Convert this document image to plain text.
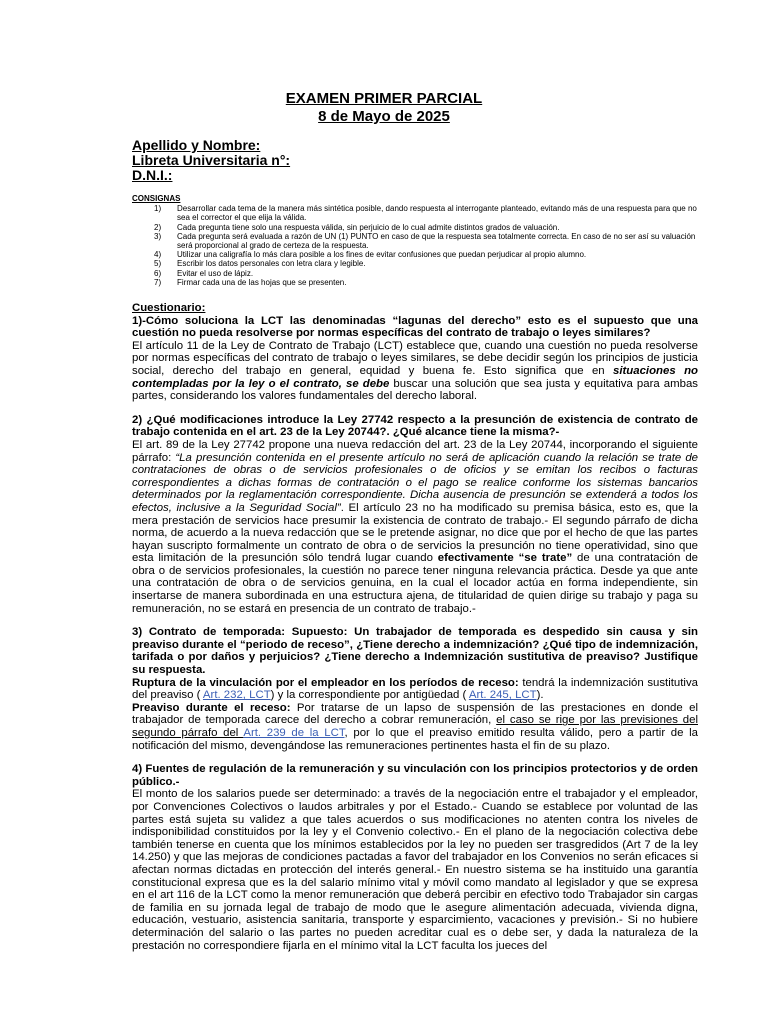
EXAMEN PRIMER PARCIAL
8 de Mayo de 2025
Apellido y Nombre:
Libreta Universitaria n°:
D.N.I.:
CONSIGNAS
1)	Desarrollar cada tema de la manera más sintética posible, dando respuesta al interrogante planteado, evitando más de una respuesta para que no sea el corrector el que elija la válida.
2)	Cada pregunta tiene solo una respuesta válida, sin perjuicio de lo cual admite distintos grados de valuación.
3)	Cada pregunta será evaluada a razón de UN (1) PUNTO en caso de que la respuesta sea totalmente correcta. En caso de no ser así su valuación será proporcional al grado de certeza de la respuesta.
4)	Utilizar una caligrafía lo más clara posible a los fines de evitar confusiones que puedan perjudicar al propio alumno.
5)	Escribir los datos personales con letra clara y legible.
6)	Evitar el uso de lápiz.
7)	Firmar cada una de las hojas que se presenten.

Cuestionario:

1)-Cómo soluciona la LCT las denominadas “lagunas del derecho” esto es el supuesto que una cuestión no pueda resolverse por normas específicas del contrato de trabajo o leyes similares?

El artículo 11 de la Ley de Contrato de Trabajo (LCT) establece que, cuando una cuestión no pueda resolverse por normas específicas del contrato de trabajo o leyes similares, se debe decidir según los principios de justicia social, derecho del trabajo en general, equidad y buena fe. Esto significa que en situaciones no contempladas por la ley o el contrato, se debe buscar una solución que sea justa y equitativa para ambas partes, considerando los valores fundamentales del derecho laboral.

2) ¿Qué modificaciones introduce la Ley 27742 respecto a la presunción de existencia de contrato de trabajo contenida en el art. 23 de la Ley 20744?. ¿Qué alcance tiene la misma?-

El art. 89 de la Ley 27742 propone una nueva redacción del art. 23 de la Ley 20744, incorporando el siguiente párrafo: “La presunción contenida en el presente artículo no será de aplicación cuando la relación se trate de contrataciones de obras o de servicios profesionales o de oficios y se emitan los recibos o facturas correspondientes a dichas formas de contratación o el pago se realice conforme los sistemas bancarios determinados por la reglamentación correspondiente. Dicha ausencia de presunción se extenderá a todos los efectos, inclusive a la Seguridad Social”. El artículo 23 no ha modificado su premisa básica, esto es, que la mera prestación de servicios hace presumir la existencia de contrato de trabajo.- El segundo párrafo de dicha norma, de acuerdo a la nueva redacción que se le pretende asignar, no dice que por el hecho de que las partes hayan suscripto formalmente un contrato de obra o de servicios la presunción no tiene operatividad, sino que esta limitación de la presunción sólo tendrá lugar cuando efectivamente “se trate” de una contratación de obra o de servicios profesionales, la cuestión no parece tener ninguna relevancia práctica. Desde ya que ante una contratación de obra o de servicios genuina, en la cual el locador actúa en forma independiente, sin insertarse de manera subordinada en una estructura ajena, de titularidad de quien dirige su trabajo y paga su remuneración, no se estará en presencia de un contrato de trabajo.-

3) Contrato de temporada: Supuesto: Un trabajador de temporada es despedido sin causa y sin preaviso durante el “periodo de receso”, ¿Tiene derecho a indemnización? ¿Qué tipo de indemnización, tarifada o por daños y perjuicios? ¿Tiene derecho a Indemnización sustitutiva de preaviso? Justifique su respuesta.

Ruptura de la vinculación por el empleador en los períodos de receso: tendrá la indemnización sustitutiva del preaviso ( Art. 232, LCT) y la correspondiente por antigüedad ( Art. 245, LCT).

Preaviso durante el receso: Por tratarse de un lapso de suspensión de las prestaciones en donde el trabajador de temporada carece del derecho a cobrar remuneración, el caso se rige por las previsiones del segundo párrafo del Art. 239 de la LCT, por lo que el preaviso emitido resulta válido, pero a partir de la notificación del mismo, devengándose las remuneraciones pertinentes hasta el fin de su plazo.

4) Fuentes de regulación de la remuneración y su vinculación con los principios protectorios y de orden público.-

El monto de los salarios puede ser determinado: a través de la negociación entre el trabajador y el empleador, por Convenciones Colectivos o laudos arbitrales y por el Estado.- Cuando se establece por voluntad de las partes está sujeta su validez a que tales acuerdos o sus modificaciones no atenten contra los niveles de indisponibilidad constituidos por la ley y el Convenio colectivo.- En el plano de la negociación colectiva debe también tenerse en cuenta que los mínimos establecidos por la ley no pueden ser trasgredidos (Art 7 de la ley 14.250) y que las mejoras de condiciones pactadas a favor del trabajador en los Convenios no serán eficaces si afectan normas dictadas en protección del interés general.- En nuestro sistema se ha instituido una garantía constitucional expresa que es la del salario mínimo vital y móvil como mandato al legislador y que se expresa en el art 116 de la LCT como la menor remuneración que deberá percibir en efectivo todo Trabajador sin cargas de familia en su jornada legal de trabajo de modo que le asegure alimentación adecuada, vivienda digna, educación, vestuario, asistencia sanitaria, transporte y esparcimiento, vacaciones y previsión.- Si no hubiere determinación del salario o las partes no pueden acreditar cual es o debe ser, y dada la naturaleza de la prestación no correspondiere fijarla en el mínimo vital la LCT faculta los jueces del
